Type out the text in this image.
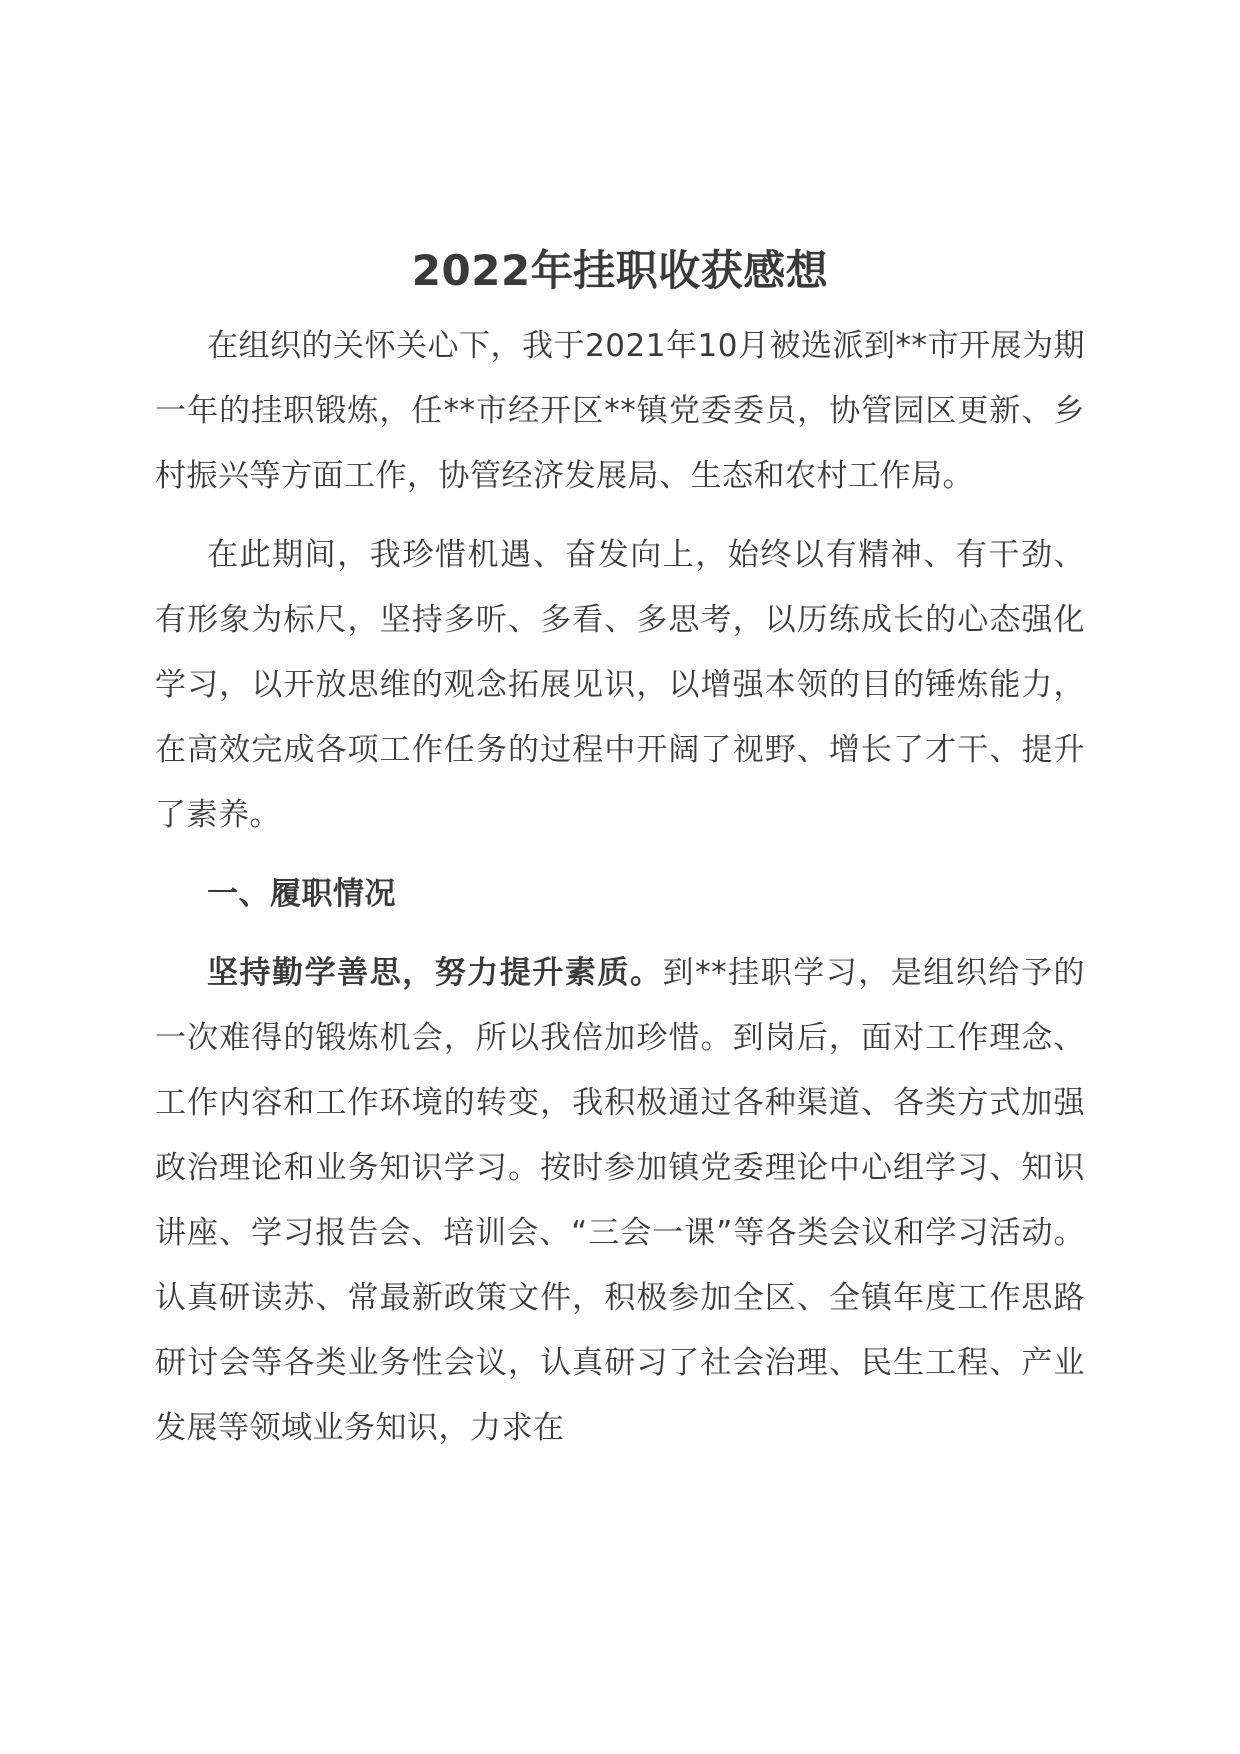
2022年挂职收获感想

在组织的关怀关心下，我于2021年10月被选派到**市开展为期一年的挂职锻炼，任**市经开区**镇党委委员，协管园区更新、乡村振兴等方面工作，协管经济发展局、生态和农村工作局。

在此期间，我珍惜机遇、奋发向上，始终以有精神、有干劲、有形象为标尺，坚持多听、多看、多思考，以历练成长的心态强化学习，以开放思维的观念拓展见识，以增强本领的目的锤炼能力，在高效完成各项工作任务的过程中开阔了视野、增长了才干、提升了素养。

一、履职情况

坚持勤学善思，努力提升素质。到**挂职学习，是组织给予的一次难得的锻炼机会，所以我倍加珍惜。到岗后，面对工作理念、工作内容和工作环境的转变，我积极通过各种渠道、各类方式加强政治理论和业务知识学习。按时参加镇党委理论中心组学习、知识讲座、学习报告会、培训会、“三会一课”等各类会议和学习活动。认真研读苏、常最新政策文件，积极参加全区、全镇年度工作思路研讨会等各类业务性会议，认真研习了社会治理、民生工程、产业发展等领域业务知识，力求在
